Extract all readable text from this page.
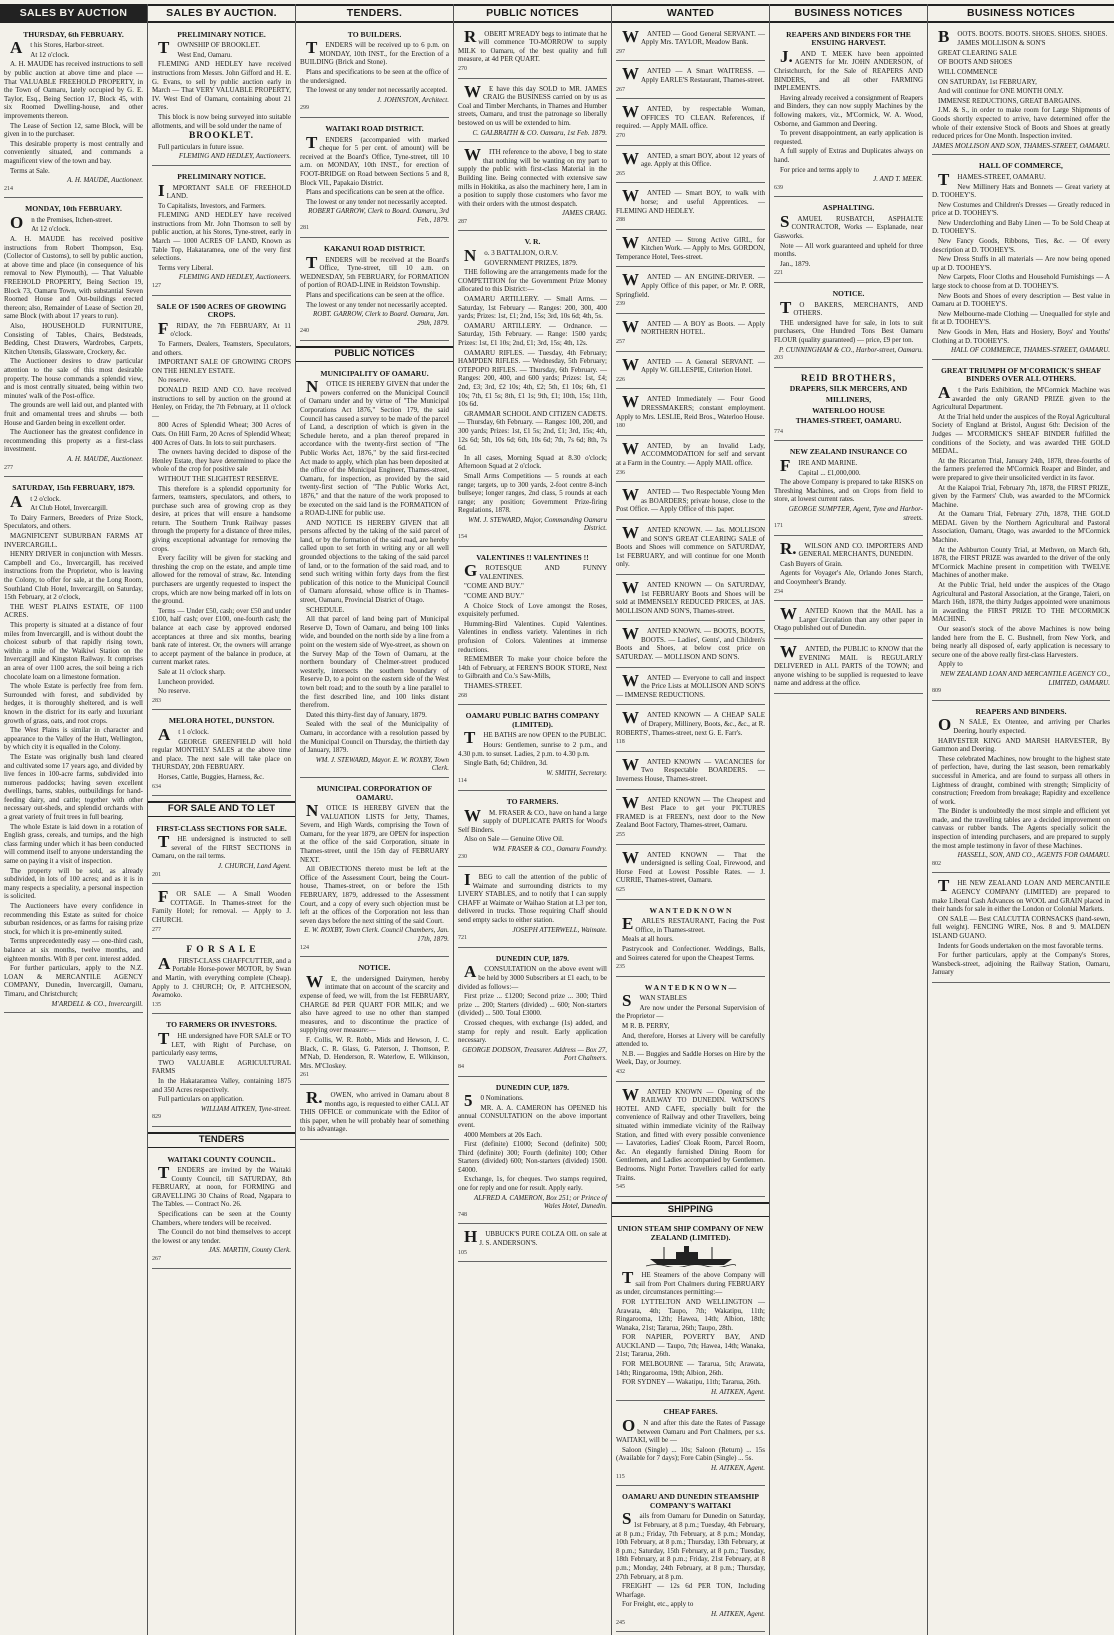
SALES BY AUCTION
THURSDAY, 6th FEBRUARY.

At his Stores, Harbor-street.

At 12 o'clock.

A. H. MAUDE has received instructions to sell by public auction at above time and place — That VALUABLE FREEHOLD PROPERTY, in the Town of Oamaru, lately occupied by G. E. Taylor, Esq., Being Section 17, Block 45, with six Roomed Dwelling-house, and other improvements thereon.

The Lease of Section 12, same Block, will be given in to the purchaser.

This desirable property is most centrally and conveniently situated, and commands a magnificent view of the town and bay.

Terms at Sale.

A. H. MAUDE, Auctioneer.
214
MONDAY, 10th FEBRUARY.

On the Premises, Itchen-street.

At 12 o'clock.

A. H. MAUDE has received positive instructions from Robert Thompson, Esq. (Collector of Customs), to sell by public auction, at above time and place (in consequence of his removal to New Plymouth), — That Valuable FREEHOLD PROPERTY, Being Section 19, Block 73, Oamaru Town, with substantial Seven Roomed House and Out-buildings erected thereon; also, Remainder of Lease of Section 20, same Block (with about 17 years to run).

Also, HOUSEHOLD FURNITURE, Consisting of Tables, Chairs, Bedsteads, Bedding, Chest Drawers, Wardrobes, Carpets, Kitchen Utensils, Glassware, Crockery, &c.

The Auctioneer desires to draw particular attention to the sale of this most desirable property. The house commands a splendid view, and is most centrally situated, being within two minutes' walk of the Post-office.

The grounds are well laid out, and planted with fruit and ornamental trees and shrubs — both House and Garden being in excellent order.

The Auctioneer has the greatest confidence in recommending this property as a first-class investment.

A. H. MAUDE, Auctioneer.
277
SATURDAY, 15th FEBRUARY, 1879.

At 2 o'clock.

At Club Hotel, Invercargill.

To Dairy Farmers, Breeders of Prize Stock, Speculators, and others.

MAGNIFICENT SUBURBAN FARMS AT INVERCARGILL.

HENRY DRIVER in conjunction with Messrs. Campbell and Co., Invercargill, has received instructions from the Proprietor, who is leaving the Colony, to offer for sale, at the Long Room, Southland Club Hotel, Invercargill, on Saturday, 15th February, at 2 o'clock,

THE WEST PLAINS ESTATE, OF 1100 ACRES.

This property is situated at a distance of four miles from Invercargill, and is without doubt the choicest suburb of that rapidly rising town, within a mile of the Waikiwi Station on the Invercargill and Kingston Railway. It comprises an area of over 1100 acres, the soil being a rich chocolate loam on a limestone formation.

The whole Estate is perfectly free from fern. Surrounded with forest, and subdivided by hedges, it is thoroughly sheltered, and is well known in the district for its early and luxuriant growth of grass, oats, and root crops.

The West Plains is similar in character and appearance to the Valley of the Hutt, Wellington, by which city it is equalled in the Colony.

The Estate was originally bush land cleared and cultivated some 17 years ago, and divided by live fences in 100-acre farms, subdivided into numerous paddocks; having seven excellent dwellings, barns, stables, outbuildings for hand-feeding dairy, and cattle; together with other necessary out-sheds, and splendid orchards with a great variety of fruit trees in full bearing.

The whole Estate is laid down in a rotation of English grass, cereals, and turnips, and the high class farming under which it has been conducted will commend itself to anyone understanding the same on paying it a visit of inspection.

The property will be sold, as already subdivided, in lots of 100 acres; and as it is in many respects a speciality, a personal inspection is solicited.

The Auctioneers have every confidence in recommending this Estate as suited for choice suburban residences, or as farms for raising prize stock, for which it is pre-eminently suited.

Terms unprecedentedly easy — one-third cash, balance at six months, twelve months, and eighteen months. With 8 per cent. interest added.

For further particulars, apply to the N.Z. LOAN & MERCANTILE AGENCY COMPANY, Dunedin, Invercargill, Oamaru, Timaru, and Christchurch;

M'ARDELL & CO., Invercargill.
SALES BY AUCTION.
PRELIMINARY NOTICE.

TOWNSHIP OF BROOKLET.

West End, Oamaru.

FLEMING AND HEDLEY have received instructions from Messrs. John Gifford and H. E. G. Evans, to sell by public auction early in March — That VERY VALUABLE PROPERTY, IV. West End of Oamaru, containing about 21 acres.

This block is now being surveyed into suitable allotments, and will be sold under the name of

BROOKLET.

Full particulars in future issue.

FLEMING AND HEDLEY, Auctioneers.
PRELIMINARY NOTICE.

IMPORTANT SALE OF FREEHOLD LAND.

To Capitalists, Investors, and Farmers.

FLEMING AND HEDLEY have received instructions from Mr. John Thomson to sell by public auction, at his Stores, Tyne-street, early in March — 1000 ACRES OF LAND, Known as Table Top, Hakataramea, one of the very first selections.

Terms very Liberal.

FLEMING AND HEDLEY, Auctioneers.
127
SALE OF 1500 ACRES OF GROWING CROPS.

FRIDAY, the 7th FEBRUARY, At 11 o'clock.

To Farmers, Dealers, Teamsters, Speculators, and others.

IMPORTANT SALE OF GROWING CROPS ON THE HENLEY ESTATE.

No reserve.

DONALD REID AND CO. have received instructions to sell by auction on the ground at Henley, on Friday, the 7th February, at 11 o'clock —

800 Acres of Splendid Wheat; 300 Acres of Oats. On Hill Farm, 20 Acres of Splendid Wheat; 400 Acres of Oats. In lots to suit purchasers.

The owners having decided to dispose of the Henley Estate, they have determined to place the whole of the crop for positive sale

WITHOUT THE SLIGHTEST RESERVE.

This therefore is a splendid opportunity for farmers, teamsters, speculators, and others, to purchase such area of growing crop as they desire, at prices that will ensure a handsome return. The Southern Trunk Railway passes through the property for a distance of three miles, giving exceptional advantage for removing the crops.

Every facility will be given for stacking and threshing the crop on the estate, and ample time allowed for the removal of straw, &c. Intending purchasers are urgently requested to inspect the crops, which are now being marked off in lots on the ground.

Terms — Under £50, cash; over £50 and under £100, half cash; over £100, one-fourth cash; the balance at each case by approved endorsed acceptances at three and six months, bearing bank rate of interest. Or, the owners will arrange to accept payment of the balance in produce, at current market rates.

Sale at 11 o'clock sharp.

Luncheon provided.

No reserve.

283
MELORA HOTEL, DUNSTON.

At 1 o'clock.

GEORGE GREENFIELD will hold regular MONTHLY SALES at the above time and place. The next sale will take place on THURSDAY, 20th FEBRUARY.

Horses, Cattle, Buggies, Harness, &c.

634
FOR SALE AND TO LET
FIRST-CLASS SECTIONS FOR SALE.

THE undersigned is instructed to sell several of the FIRST SECTIONS in Oamaru, on the rail terms.

J. CHURCH, Land Agent.
201

FOR SALE — A Small Wooden COTTAGE. In Thames-street for the Family Hotel; for removal. — Apply to J. CHURCH.

277
F O R S A L E

AFIRST-CLASS CHAFFCUTTER, and a Portable Horse-power MOTOR, by Swan and Martin, with everything complete (Cheap). Apply to J. CHURCH; Or, P. AITCHESON, Awamoko.

135
TO FARMERS OR INVESTORS.

THE undersigned have FOR SALE or TO LET, with Right of Purchase, on particularly easy terms,

TWO VALUABLE AGRICULTURAL FARMS

In the Hakataramea Valley, containing 1875 and 350 Acres respectively.

Full particulars on application.

WILLIAM AITKEN, Tyne-street.
829
TENDERS
WAITAKI COUNTY COUNCIL.

TENDERS are invited by the Waitaki County Council, till SATURDAY, 8th FEBRUARY, at noon, for FORMING and GRAVELLING 30 Chains of Road, Ngapara to The Tables. — Contract No. 26.

Specifications can be seen at the County Chambers, where tenders will be received.

The Council do not bind themselves to accept the lowest or any tender.

JAS. MARTIN, County Clerk.
267
TENDERS.
TO BUILDERS.

TENDERS will be received up to 6 p.m. on MONDAY, 10th INST., for the Erection of a BUILDING (Brick and Stone).

Plans and specifications to be seen at the office of the undersigned.

The lowest or any tender not necessarily accepted.

J. JOHNSTON, Architect.
299
WAITAKI ROAD DISTRICT.

TENDERS (accompanied with marked cheque for 5 per cent. of amount) will be received at the Board's Office, Tyne-street, till 10 a.m. on MONDAY, 10th INST., for erection of FOOT-BRIDGE on Road between Sections 5 and 8, Block VII., Papakaio District.

Plans and specifications can be seen at the office.

The lowest or any tender not necessarily accepted.

ROBERT GARROW, Clerk to Board. Oamaru, 3rd Feb., 1879.
281
KAKANUI ROAD DISTRICT.

TENDERS will be received at the Board's Office, Tyne-street, till 10 a.m. on WEDNESDAY, 5th FEBRUARY, for FORMATION of portion of ROAD-LINE in Reidston Township.

Plans and specifications can be seen at the office.

The lowest or any tender not necessarily accepted.

ROBT. GARROW, Clerk to Board. Oamaru, Jan. 29th, 1879.
240
PUBLIC NOTICES
MUNICIPALITY OF OAMARU.

NOTICE IS HEREBY GIVEN that under the powers conferred on the Municipal Council of Oamaru under and by virtue of "The Municipal Corporations Act 1876," Section 179, the said Council has caused a survey to be made of the parcel of Land, a description of which is given in the Schedule hereto, and a plan thereof prepared in accordance with the twenty-first section of "The Public Works Act, 1876," by the said first-recited Act made to apply, which plan has been deposited at the office of the Municipal Engineer, Thames-street, Oamaru, for inspection, as provided by the said twenty-first section of "The Public Works Act, 1876," and that the nature of the work proposed to be executed on the said land is the FORMATION of a ROAD-LINE for public use.

AND NOTICE IS HEREBY GIVEN that all persons affected by the taking of the said parcel of land, or by the formation of the said road, are hereby called upon to set forth in writing any or all well grounded objections to the taking of the said parcel of land, or to the formation of the said road, and to send such writing within forty days from the first publication of this notice to the Municipal Council of Oamaru aforesaid, whose office is in Thames-street, Oamaru, Provincial District of Otago.

SCHEDULE.

All that parcel of land being part of Municipal Reserve D, Town of Oamaru, and being 100 links wide, and bounded on the north side by a line from a point on the western side of Wye-street, as shown on the Survey Map of the Town of Oamaru, at the northern boundary of Chelmer-street produced westerly, intersects the southern boundary of Reserve D, to a point on the eastern side of the West town belt road; and to the south by a line parallel to the first described line, and 100 links distant therefrom.

Dated this thirty-first day of January, 1879.

Sealed with the seal of the Municipality of Oamaru, in accordance with a resolution passed by the Municipal Council on Thursday, the thirtieth day of January, 1879.

WM. J. STEWARD, Mayor. E. W. ROXBY, Town Clerk.
MUNICIPAL CORPORATION OF OAMARU.

NOTICE IS HEREBY GIVEN that the VALUATION LISTS for Jetty, Thames, Severn, and High Wards, comprising the Town of Oamaru, for the year 1879, are OPEN for inspection at the office of the said Corporation, situate in Thames-street, until the 15th day of FEBRUARY NEXT.

All OBJECTIONS thereto must be left at the Office of the Assessment Court, being the Court-house, Thames-street, on or before the 15th FEBRUARY, 1879, addressed to the Assessment Court, and a copy of every such objection must be left at the offices of the Corporation not less than seven days before the next sitting of the said Court.

E. W. ROXBY, Town Clerk. Council Chambers, Jan. 17th, 1879.
124
NOTICE.

WE, the undersigned Dairymen, hereby intimate that on account of the scarcity and expense of feed, we will, from the 1st FEBRUARY, CHARGE 8d PER QUART FOR MILK; and we also have agreed to use no other than stamped measures, and to discontinue the practice of supplying over measure:—

F. Collis, W. R. Robb, Mids and Hewson, J. C. Black, C. R. Glass, G. Paterson, J. Thomson, P. M'Nab, D. Henderson, R. Waterlow, E. Wilkinson, Mrs. M'Closkey.

261

R.OWEN, who arrived in Oamaru about 8 months ago, is requested to either CALL AT THIS OFFICE or communicate with the Editor of this paper, when he will probably hear of something to his advantage.

PUBLIC NOTICES

ROBERT M'READY begs to intimate that he will commence TO-MORROW to supply MILK to Oamaru, of the best quality and full measure, at 4d PER QUART.

270

WE have this day SOLD to MR. JAMES CRAIG the BUSINESS carried on by us as Coal and Timber Merchants, in Thames and Humber streets, Oamaru, and trust the patronage so liberally bestowed on us will be extended to him.

C. GALBRAITH & CO. Oamaru, 1st Feb. 1879.

WITH reference to the above, I beg to state that nothing will be wanting on my part to supply the public with first-class Material in the Building line. Being connected with extensive saw mills in Hokitika, as also the machinery here, I am in a position to supply those customers who favor me with their orders with the utmost despatch.

JAMES CRAIG.
287
V. R.

No. 3 BATTALION, O.R.V.

GOVERNMENT PRIZES, 1879.

THE following are the arrangements made for the COMPETITION for the Government Prize Money allocated to this District:—

OAMARU ARTILLERY. — Small Arms. — Saturday, 1st February — Ranges: 200, 300, 400 yards; Prizes: 1st, £1; 2nd, 15s; 3rd, 10s 6d; 4th, 5s.

OAMARU ARTILLERY. — Ordnance. — Saturday, 15th February. — Range: 1500 yards; Prizes: 1st, £1 10s; 2nd, £1; 3rd, 15s; 4th, 12s.

OAMARU RIFLES. — Tuesday, 4th February; HAMPDEN RIFLES. — Wednesday, 5th February; OTEPOPO RIFLES. — Thursday, 6th February. — Ranges: 200, 400, and 600 yards; Prizes: 1st, £4; 2nd, £3; 3rd, £2 10s; 4th, £2; 5th, £1 10s; 6th, £1 10s; 7th, £1 5s; 8th, £1 1s; 9th, £1; 10th, 15s; 11th, 10s 6d.

GRAMMAR SCHOOL AND CITIZEN CADETS. — Thursday, 6th February. — Ranges: 100, 200, and 300 yards; Prizes: 1st, £1 5s; 2nd, £1; 3rd, 15s; 4th, 12s 6d; 5th, 10s 6d; 6th, 10s 6d; 7th, 7s 6d; 8th, 7s 6d.

In all cases, Morning Squad at 8.30 o'clock; Afternoon Squad at 2 o'clock.

Small Arms Competitions — 5 rounds at each range; targets, up to 300 yards, 2-foot centre 8-inch bullseye; longer ranges, 2nd class, 5 rounds at each range; any position; Government Prize-firing Regulations, 1878.

WM. J. STEWARD, Major, Commanding Oamaru District.
154
VALENTINES !! VALENTINES !!

GROTESQUE AND FUNNY VALENTINES.

"COME AND BUY."

"COME AND BUY."

A Choice Stock of Love amongst the Roses, exquisitely perfumed.

Humming-Bird Valentines. Cupid Valentines. Valentines in endless variety. Valentines in rich profusion of Colors. Valentines at immense reductions.

REMEMBER To make your choice before the 14th of February, at FEREN'S BOOK STORE, Next to Gilbraith and Co.'s Saw-Mills,

THAMES-STREET.

268
OAMARU PUBLIC BATHS COMPANY (LIMITED).

THE BATHS are now OPEN to the PUBLIC.

Hours: Gentlemen, sunrise to 2 p.m., and 4.30 p.m. to sunset. Ladies, 2 p.m. to 4.30 p.m.

Single Bath, 6d; Children, 3d.

W. SMITH, Secretary.
114
TO FARMERS.

WM. FRASER & CO., have on hand a large supply of DUPLICATE PARTS for Wood's Self Binders.

Also on Sale — Genuine Olive Oil.

WM. FRASER & CO., Oamaru Foundry.
230

IBEG to call the attention of the public of Waimate and surrounding districts to my LIVERY STABLES, and to notify that I can supply CHAFF at Waimate or Waihao Station at L3 per ton, delivered in trucks. Those requiring Chaff should send empty sacks to either station.

JOSEPH ATTERWELL, Waimate.
721
DUNEDIN CUP, 1879.

ACONSULTATION on the above event will be held by 3000 Subscribers at £1 each, to be divided as follows:—

First prize ... £1200; Second prize ... 300; Third prize ... 200; Starters (divided) ... 600; Non-starters (divided) ... 500. Total £3000.

Crossed cheques, with exchange (1s) added, and stamp for reply and result. Early application necessary.

GEORGE DODSON, Treasurer. Address — Box 27, Port Chalmers.
84
DUNEDIN CUP, 1879.

50 Nominations.

MR. A. A. CAMERON has OPENED his annual CONSULTATION on the above important event.

4000 Members at 20s Each.

First (definite) £1000; Second (definite) 500; Third (definite) 300; Fourth (definite) 100; Other Starters (divided) 600; Non-starters (divided) 1500. £4000.

Exchange, 1s, for cheques. Two stamps required, one for reply and one for result. Apply early.

ALFRED A. CAMERON, Box 251; or Prince of Wales Hotel, Dunedin.
748

HUBBUCK'S PURE COLZA OIL on sale at J. S. ANDERSON'S.

105
WANTED

WANTED — Good General SERVANT. — Apply Mrs. TAYLOR, Meadow Bank.

297

WANTED — A Smart WAITRESS. — Apply EARLE'S Restaurant, Thames-street.

267

WANTED, by respectable Woman, OFFICES TO CLEAN. References, if required. — Apply MAIL office.

270

WANTED, a smart BOY, about 12 years of age. Apply at this Office.

265

WANTED — Smart BOY, to walk with horse; and useful Apprentices. — FLEMING AND HEDLEY.

288

WANTED — Strong Active GIRL, for Kitchen Work. — Apply to Mrs. GORDON, Temperance Hotel, Tees-street.

WANTED — AN ENGINE-DRIVER. — Apply Office of this paper, or Mr. P. ORR, Springfield.

239

WANTED — A BOY as Boots. — Apply NORTHERN HOTEL.

257

WANTED — A General SERVANT. — Apply W. GILLESPIE, Criterion Hotel.

226

WANTED Immediately — Four Good DRESSMAKERS; constant employment. Apply to Mrs. LESLIE, Reid Bros., Waterloo House.

180

WANTED, by an Invalid Lady, ACCOMMODATION for self and servant at a Farm in the Country. — Apply MAIL office.

236

WANTED — Two Respectable Young Men as BOARDERS; private house, close to the Post Office. — Apply Office of this paper.

WANTED KNOWN. — Jas. MOLLISON and SON'S GREAT CLEARING SALE of Boots and Shoes will commence on SATURDAY, 1st FEBRUARY, and will continue for one Month only.

WANTED KNOWN — On SATURDAY, 1st FEBRUARY Boots and Shoes will be sold at IMMENSELY REDUCED PRICES, at JAS. MOLLISON AND SON'S, Thames-street.

WANTED KNOWN. — BOOTS, BOOTS, BOOTS. — Ladies', Gents', and Children's Boots and Shoes, at below cost price on SATURDAY. — MOLLISON AND SON'S.

WANTED — Everyone to call and inspect the Price Lists at MOLLISON AND SON'S — IMMENSE REDUCTIONS.

WANTED KNOWN — A CHEAP SALE of Drapery, Millinery, Boots, &c., &c., at R. ROBERTS', Thames-street, next G. E. Farr's.

118

WANTED KNOWN — VACANCIES for Two Respectable BOARDERS. — Inverness House, Thames-street.

WANTED KNOWN — The Cheapest and Best Place to get your PICTURES FRAMED is at FREEN's, next door to the New Zealand Boot Factory, Thames-street, Oamaru.

255

WANTED KNOWN — That the undersigned is selling Coal, Firewood, and Horse Feed at Lowest Possible Rates. — J. CURRIE, Thames-street, Oamaru.

625
W A N T E D K N O W N

EARLE'S RESTAURANT, Facing the Post Office, in Thames-street.

Meals at all hours.

Pastrycook and Confectioner. Weddings, Balls, and Soirees catered for upon the Cheapest Terms.

235
W A N T E D K N O W N —

SWAN STABLES

Are now under the Personal Supervision of the Proprietor —

M R. B. PERRY,

And, therefore, Horses at Livery will be carefully attended to.

N.B. — Buggies and Saddle Horses on Hire by the Week, Day, or Journey.

432

WANTED KNOWN — Opening of the RAILWAY TO DUNEDIN. WATSON'S HOTEL AND CAFE, specially built for the convenience of Railway and other Travellers, being situated within immediate vicinity of the Railway Station, and fitted with every possible convenience — Lavatories, Ladies' Cloak Room, Parcel Room, &c. An elegantly furnished Dining Room for Gentlemen, and Ladies accompanied by Gentlemen. Bedrooms. Night Porter. Travellers called for early Trains.

545
SHIPPING
UNION STEAM SHIP COMPANY OF NEW ZEALAND (LIMITED).

THE Steamers of the above Company will sail from Port Chalmers during FEBRUARY as under, circumstances permitting:—

FOR LYTTELTON AND WELLINGTON — Arawata, 4th; Taupo, 7th; Wakatipu, 11th; Ringarooma, 12th; Hawea, 14th; Albion, 18th; Wanaka, 21st; Tararua, 26th; Taupo, 28th.

FOR NAPIER, POVERTY BAY, AND AUCKLAND — Taupo, 7th; Hawea, 14th; Wanaka, 21st; Tararua, 26th.

FOR MELBOURNE — Tararua, 5th; Arawata, 14th; Ringarooma, 19th; Albion, 26th.

FOR SYDNEY — Wakatipu, 11th; Tararua, 26th.

H. AITKEN, Agent.
CHEAP FARES.

ON and after this date the Rates of Passage between Oamaru and Port Chalmers, per s.s. WAITAKI, will be —

Saloon (Single) ... 10s; Saloon (Return) ... 15s (Available for 7 days); Fore Cabin (Single) ... 5s.

H. AITKEN, Agent.
115
OAMARU AND DUNEDIN STEAMSHIP COMPANY'S WAITAKI

Sails from Oamaru for Dunedin on Saturday, 1st February, at 8 p.m.; Tuesday, 4th February, at 8 p.m.; Friday, 7th February, at 8 p.m.; Monday, 10th February, at 8 p.m.; Thursday, 13th February, at 8 p.m.; Saturday, 15th February, at 8 p.m.; Tuesday, 18th February, at 8 p.m.; Friday, 21st February, at 8 p.m.; Monday, 24th February, at 8 p.m.; Thursday, 27th February, at 8 p.m.

FREIGHT — 12s 6d PER TON, Including Wharfage.

For Freight, etc., apply to

H. AITKEN, Agent.
245
BUSINESS NOTICES
REAPERS AND BINDERS FOR THE ENSUING HARVEST.

J.AND T. MEEK have been appointed AGENTS for Mr. JOHN ANDERSON, of Christchurch, for the Sale of REAPERS AND BINDERS, and all other FARMING IMPLEMENTS.

Having already received a consignment of Reapers and Binders, they can now supply Machines by the following makers, viz., M'Cormick, W. A. Wood, Osborne, and Gammon and Deering.

To prevent disappointment, an early application is requested.

A full supply of Extras and Duplicates always on hand.

For price and terms apply to

J. AND T. MEEK.
639
ASPHALTING.

SAMUEL RUSBATCH, ASPHALTE CONTRACTOR, Works — Esplanade, near Gasworks.

Note — All work guaranteed and upheld for three months.

Jan., 1879.

221
NOTICE.

TO BAKERS, MERCHANTS, AND OTHERS.

THE undersigned have for sale, in lots to suit purchasers, One Hundred Tons Best Oamaru FLOUR (quality guaranteed) — price, £9 per ton.

P. CUNNINGHAM & CO., Harbor-street, Oamaru.
203
REID BROTHERS,
DRAPERS, SILK MERCERS, AND
MILLINERS,
WATERLOO HOUSE
THAMES-STREET, OAMARU.
774
NEW ZEALAND INSURANCE CO

FIRE AND MARINE.

Capital ... £1,000,000.

The above Company is prepared to take RISKS on Threshing Machines, and on Crops from field to store, at lowest current rates.

GEORGE SUMPTER, Agent, Tyne and Harbor-streets.
171

R.WILSON AND CO. IMPORTERS AND GENERAL MERCHANTS, DUNEDIN.

Cash Buyers of Grain.

Agents for Voyager's Ale, Orlando Jones Starch, and Cooymheer's Brandy.

234

WANTED Known that the MAIL has a Larger Circulation than any other paper in Otago published out of Dunedin.

WANTED, the PUBLIC to KNOW that the EVENING MAIL is REGULARLY DELIVERED in ALL PARTS of the TOWN; and anyone wishing to be supplied is requested to leave name and address at the office.

BUSINESS NOTICES

BOOTS. BOOTS. BOOTS. SHOES. SHOES. SHOES.

JAMES MOLLISON & SON'S

GREAT CLEARING SALE

OF BOOTS AND SHOES

WILL COMMENCE

ON SATURDAY, 1st FEBRUARY,

And will continue for ONE MONTH ONLY.

IMMENSE REDUCTIONS, GREAT BARGAINS.

J.M. & S., in order to make room for Large Shipments of Goods shortly expected to arrive, have determined offer the whole of their extensive Stock of Boots and Shoes at greatly reduced prices for One Month. Inspection invited.

JAMES MOLLISON AND SON, THAMES-STREET, OAMARU.
HALL OF COMMERCE,

THAMES-STREET, OAMARU.

New Millinery Hats and Bonnets — Great variety at D. TOOHEY'S.

New Costumes and Children's Dresses — Greatly reduced in price at D. TOOHEY'S.

New Underclothing and Baby Linen — To be Sold Cheap at D. TOOHEY'S.

New Fancy Goods, Ribbons, Ties, &c. — Of every description at D. TOOHEY'S.

New Dress Stuffs in all materials — Are now being opened up at D. TOOHEY'S.

New Carpets, Floor Cloths and Household Furnishings — A large stock to choose from at D. TOOHEY'S.

New Boots and Shoes of every description — Best value in Oamaru at D. TOOHEY'S.

New Melbourne-made Clothing — Unequalled for style and fit at D. TOOHEY'S.

New Goods in Men, Hats and Hosiery, Boys' and Youths' Clothing at D. TOOHEY'S.

HALL OF COMMERCE, THAMES-STREET, OAMARU.
GREAT TRIUMPH OF M'CORMICK'S SHEAF BINDERS OVER ALL OTHERS.

At the Paris Exhibition, the M'Cormick Machine was awarded the only GRAND PRIZE given to the Agricultural Department.

At the Trial held under the auspices of the Royal Agricultural Society of England at Bristol, August 6th: Decision of the Judges — M'CORMICK'S SHEAF BINDER fulfilled the conditions of the Society, and was awarded THE GOLD MEDAL.

At the Riccarton Trial, January 24th, 1878, three-fourths of the farmers preferred the M'Cormick Reaper and Binder, and were prepared to give their unsolicited verdict in its favor.

At the Kaiapoi Trial, February 7th, 1878, the FIRST PRIZE, given by the Farmers' Club, was awarded to the M'Cormick Machine.

At the Oamaru Trial, February 27th, 1878, THE GOLD MEDAL Given by the Northern Agricultural and Pastoral Association, Oamaru, Otago, was awarded to the M'Cormick Machine.

At the Ashburton County Trial, at Methven, on March 6th, 1878, the FIRST PRIZE was awarded to the driver of the only M'Cormick Machine present in competition with TWELVE Machines of another make.

At the Public Trial, held under the auspices of the Otago Agricultural and Pastoral Association, at the Grange, Taieri, on March 16th, 1878, the thirty Judges appointed were unanimous in awarding the FIRST PRIZE TO THE M'CORMICK MACHINE.

Our season's stock of the above Machines is now being landed here from the E. C. Bushnell, from New York, and being nearly all disposed of, early application is necessary to secure one of the above really first-class Harvesters.

Apply to

NEW ZEALAND LOAN AND MERCANTILE AGENCY CO., LIMITED, OAMARU.
809
REAPERS AND BINDERS.

ON SALE, Ex Otentee, and arriving per Charles Deering, hourly expected.

HARVESTER KING AND MARSH HARVESTER, By Gammon and Deering.

These celebrated Machines, now brought to the highest state of perfection, have, during the last season, been remarkably successful in America, and are found to surpass all others in Lightness of draught, combined with strength; Simplicity of construction; Freedom from breakage; Rapidity and excellence of work.

The Binder is undoubtedly the most simple and efficient yet made, and the travelling tables are a decided improvement on canvass or rubber bands. The Agents specially solicit the inspection of intending purchasers, and are prepared to supply the most ample testimony in favor of these Machines.

HASSELL, SON, AND CO., AGENTS FOR OAMARU.
802

THE NEW ZEALAND LOAN AND MERCANTILE AGENCY COMPANY (LIMITED) are prepared to make Liberal Cash Advances on WOOL and GRAIN placed in their hands for sale in either the London or Colonial Markets.

ON SALE — Best CALCUTTA CORNSACKS (hand-sewn, full weight). FENCING WIRE, Nos. 8 and 9. MALDEN ISLAND GUANO.

Indents for Goods undertaken on the most favorable terms.

For further particulars, apply at the Company's Stores, Wansbeck-street, adjoining the Railway Station, Oamaru, January
